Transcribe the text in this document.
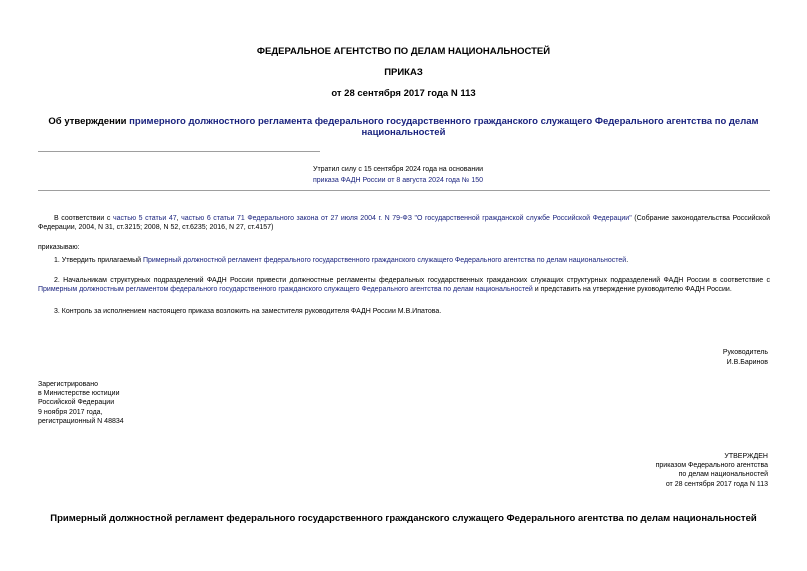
ФЕДЕРАЛЬНОЕ АГЕНТСТВО ПО ДЕЛАМ НАЦИОНАЛЬНОСТЕЙ
ПРИКАЗ
от 28 сентября 2017 года N 113
Об утверждении примерного должностного регламента федерального государственного гражданского служащего Федерального агентства по делам
национальностей
Утратил силу с 15 сентября 2024 года на основании
приказа ФАДН России от 8 августа 2024 года № 150
В соответствии с частью 5 статьи 47, частью 6 статьи 71 Федерального закона от 27 июля 2004 г. N 79-ФЗ "О государственной гражданской службе Российской Федерации" (Собрание законодательства Российской Федерации, 2004, N 31, ст.3215; 2008, N 52, ст.6235; 2016, N 27, ст.4157)
приказываю:
1. Утвердить прилагаемый Примерный должностной регламент федерального государственного гражданского служащего Федерального агентства по делам национальностей.
2. Начальникам структурных подразделений ФАДН России привести должностные регламенты федеральных государственных гражданских служащих структурных подразделений ФАДН России в соответствие с Примерным должностным регламентом федерального государственного гражданского служащего Федерального агентства по делам национальностей и представить на утверждение руководителю ФАДН России.
3. Контроль за исполнением настоящего приказа возложить на заместителя руководителя ФАДН России М.В.Ипатова.
Руководитель
И.В.Баринов
Зарегистрировано
в Министерстве юстиции
Российской Федерации
9 ноября 2017 года,
регистрационный N 48834
УТВЕРЖДЕН
приказом Федерального агентства
по делам национальностей
от 28 сентября 2017 года N 113
Примерный должностной регламент федерального государственного гражданского служащего Федерального агентства по делам национальностей
